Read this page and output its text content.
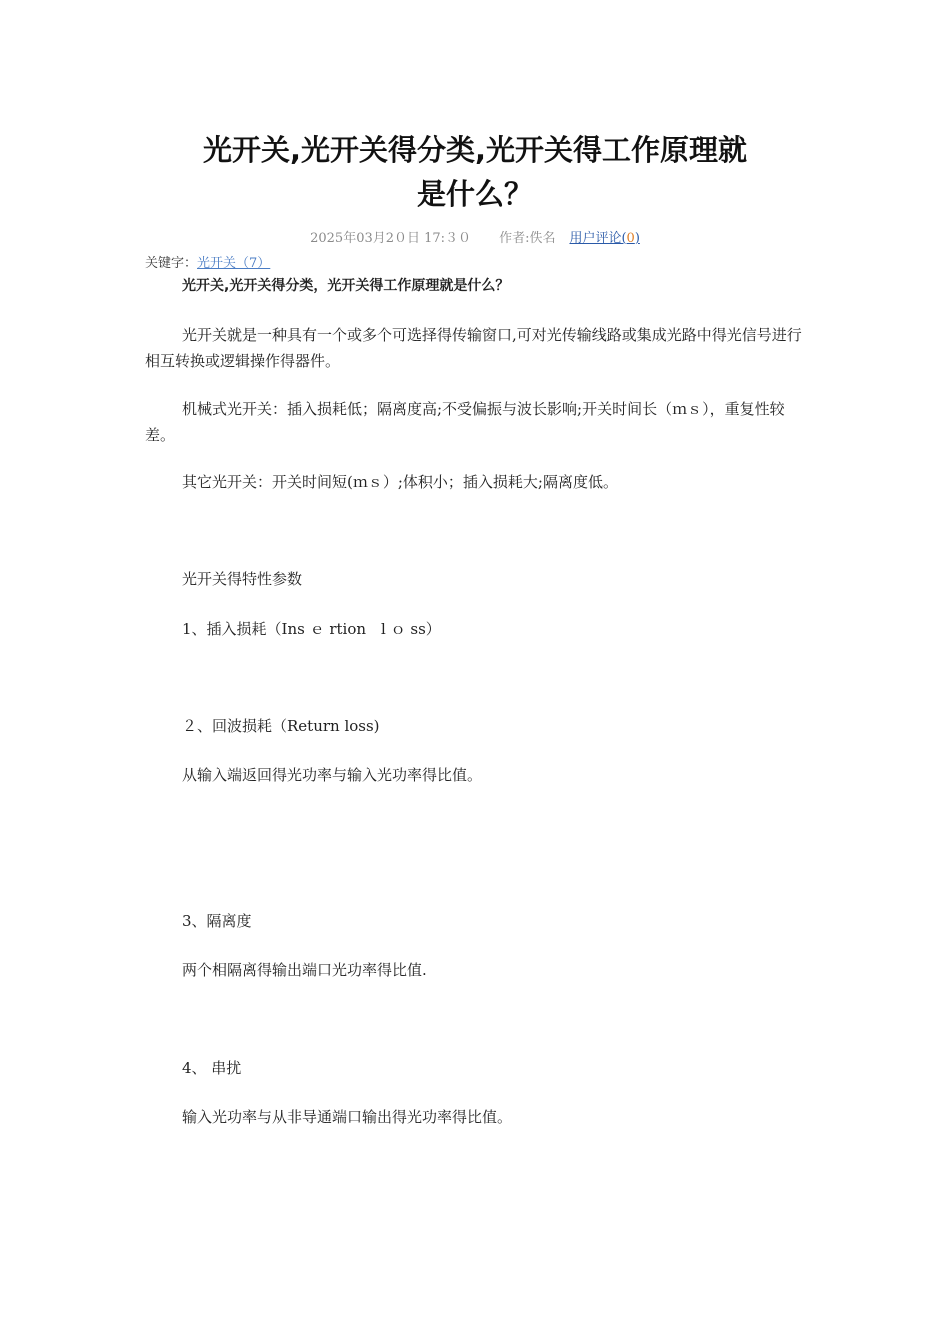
光开关,光开关得分类,光开关得工作原理就
是什么？
2025年03月2０日 17:３０ 作者:佚名 用户评论(0)
关键字：光开关（7）

光开关,光开关得分类，光开关得工作原理就是什么？

光开关就是一种具有一个或多个可选择得传输窗口,可对光传输线路或集成光路中得光信号进行相互转换或逻辑操作得器件。

机械式光开关：插入损耗低；隔离度高;不受偏振与波长影响;开关时间长（ｍｓ），重复性较差。

其它光开关：开关时间短(ｍｓ）;体积小；插入损耗大;隔离度低。

光开关得特性参数

1、插入损耗（Ins ｅ rtion　l ｏ ss）

２、回波损耗（Return loss)

从输入端返回得光功率与输入光功率得比值。

3、隔离度

两个相隔离得输出端口光功率得比值.

4、 串扰

输入光功率与从非导通端口输出得光功率得比值。
